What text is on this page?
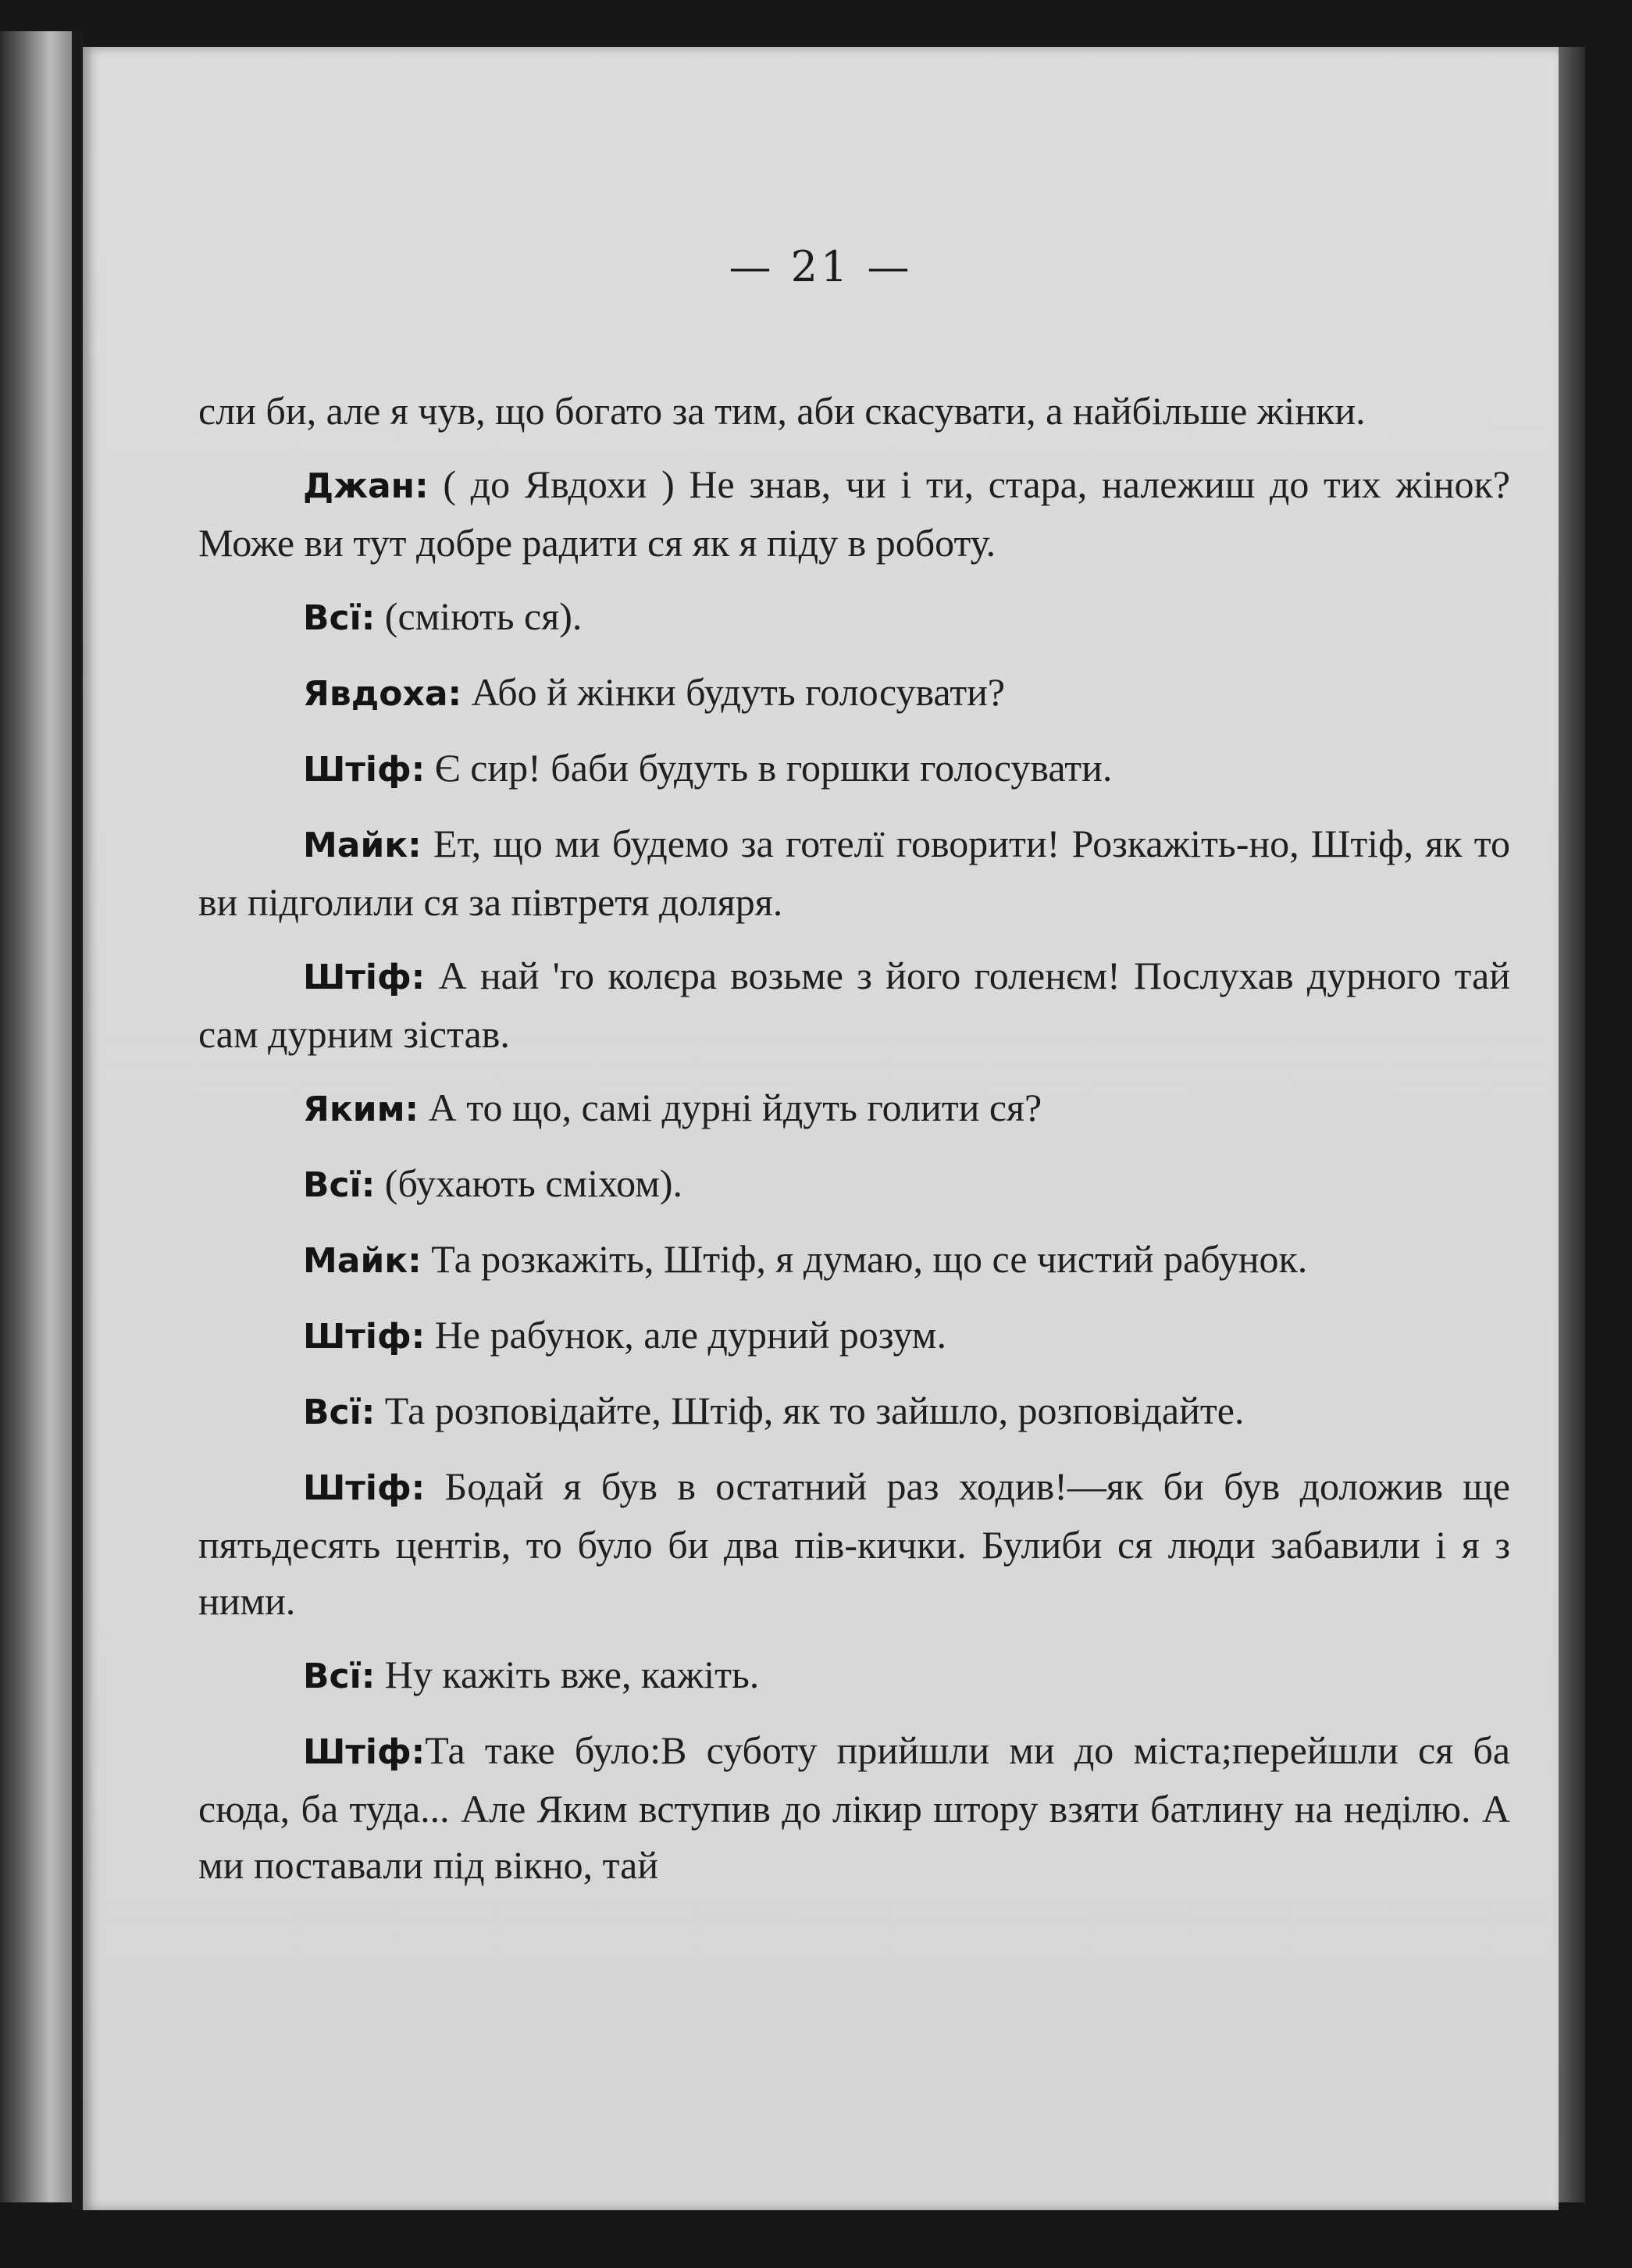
— 21 —

сли би, але я чув, що богато за тим, аби скасувати, а найбільше жінки.

Джан: ( до Явдохи ) Не знав, чи і ти, стара, належиш до тих жінок? Може ви тут добре радити ся як я піду в роботу.

Всї: (сміють ся).

Явдоха: Або й жінки будуть голосувати?

Штіф: Є сир! баби будуть в горшки голосувати.

Майк: Ет, що ми будемо за готелї говорити! Розкажіть-но, Штіф, як то ви підголили ся за півтретя доляря.

Штіф: А най 'го колєра возьме з його голенєм! Послухав дурного тай сам дурним зістав.

Яким: А то що, самі дурні йдуть голити ся?

Всї: (бухають сміхом).

Майк: Та розкажіть, Штіф, я думаю, що се чистий рабунок.

Штіф: Не рабунок, але дурний розум.

Всї: Та розповідайте, Штіф, як то зайшло, розповідайте.

Штіф: Бодай я був в остатний раз ходив!—як би був доложив ще пятьдесять центів, то було би два пів-кички. Булиби ся люди забавили і я з ними.

Всї: Ну кажіть вже, кажіть.

Штіф:Та таке було:В суботу прийшли ми до міста;перейшли ся ба сюда, ба туда... Але Яким вступив до лікир штору взяти батлину на неділю. А ми поставали під вікно, тай
